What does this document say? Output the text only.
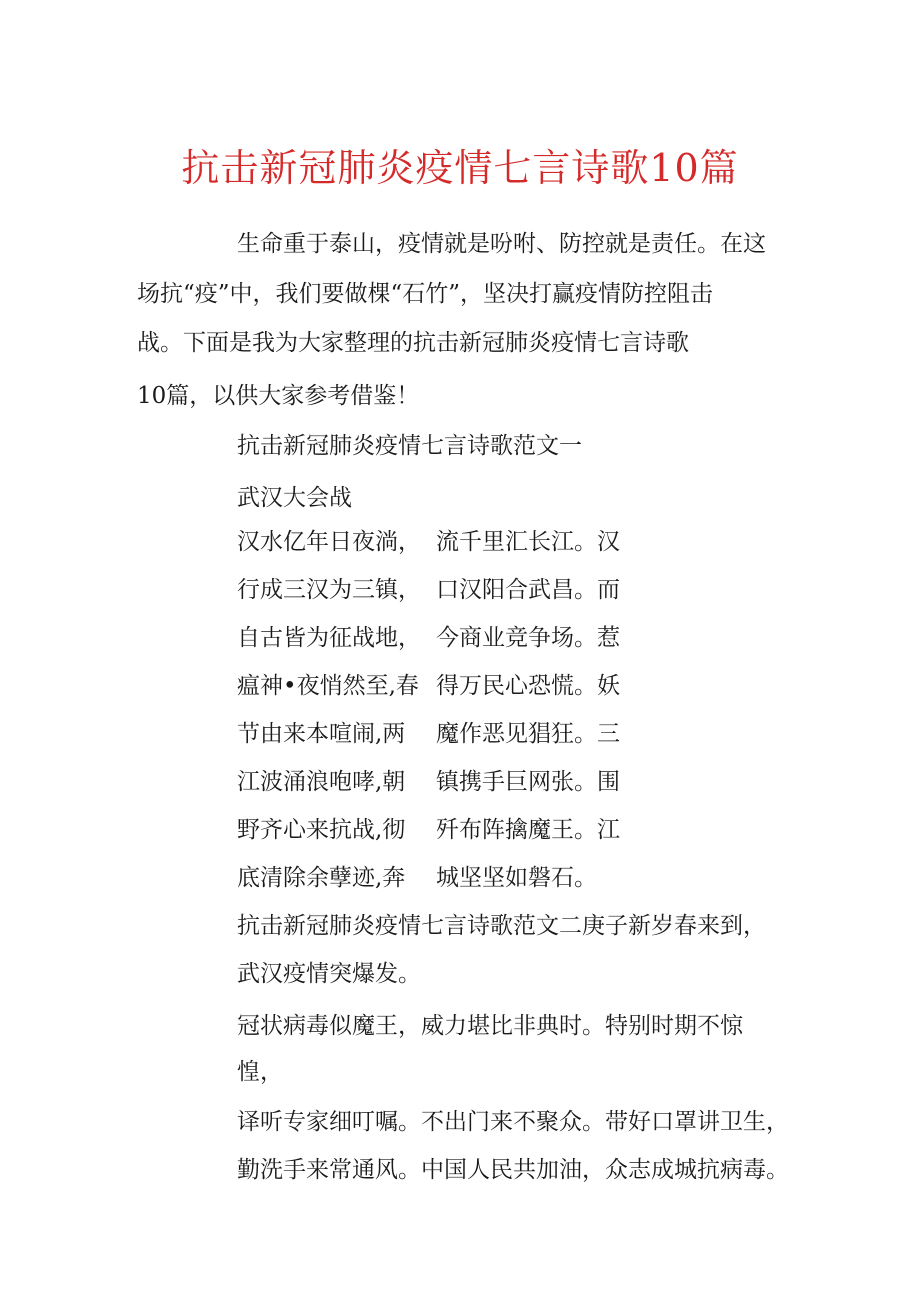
抗击新冠肺炎疫情七言诗歌10篇
生命重于泰山，疫情就是吩咐、防控就是责任。在这
场抗“疫”中，我们要做棵“石竹”，坚决打赢疫情防控阻击
战。下面是我为大家整理的抗击新冠肺炎疫情七言诗歌
10篇，以供大家参考借鉴！
抗击新冠肺炎疫情七言诗歌范文一
武汉大会战
汉水亿年日夜淌， 流千里汇长江。汉
行成三汉为三镇， 口汉阳合武昌。而
自古皆为征战地， 今商业竞争场。惹
瘟神•夜悄然至,春 得万民心恐慌。妖
节由来本喧闹,两 魔作恶见猖狂。三
江波涌浪咆哮,朝 镇携手巨网张。围
野齐心来抗战,彻 歼布阵擒魔王。江
底清除余孽迹,奔 城坚坚如磐石。
抗击新冠肺炎疫情七言诗歌范文二庚子新岁春来到，
武汉疫情突爆发。
冠状病毒似魔王，威力堪比非典时。特别时期不惊
惶，
译听专家细叮嘱。不出门来不聚众。带好口罩讲卫生，
勤洗手来常通风。中国人民共加油，众志成城抗病毒。
